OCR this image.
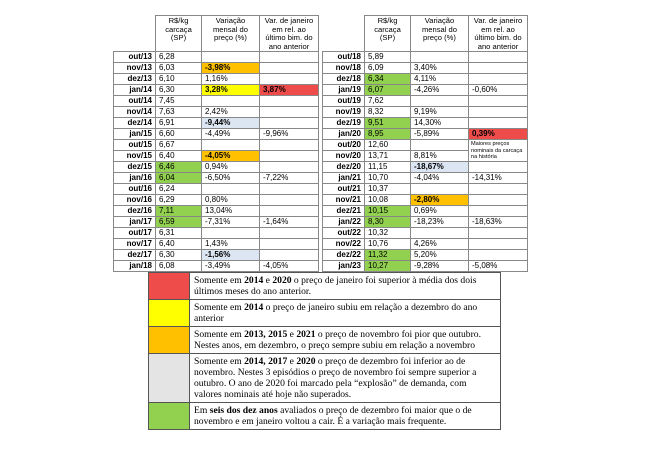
	R$/kg carcaça (SP)	Variação mensal do preço (%)	Var. de janeiro em rel. ao último bim. do ano anterior
out/13	6,28		
nov/13	6,03	-3,98%	
dez/13	6,10	1,16%	
jan/14	6,30	3,28%	3,87%
out/14	7,45		
nov/14	7,63	2,42%	
dez/14	6,91	-9,44%	
jan/15	6,60	-4,49%	-9,96%
out/15	6,67		
nov/15	6,40	-4,05%	
dez/15	6,46	0,94%	
jan/16	6,04	-6,50%	-7,22%
out/16	6,24		
nov/16	6,29	0,80%	
dez/16	7,11	13,04%	
jan/17	6,59	-7,31%	-1,64%
out/17	6,31		
nov/17	6,40	1,43%	
dez/17	6,30	-1,56%	
jan/18	6,08	-3,49%	-4,05%
	R$/kg carcaça (SP)	Variação mensal do preço (%)	Var. de janeiro em rel. ao último bim. do ano anterior
out/18	5,89		
nov/18	6,09	3,40%	
dez/18	6,34	4,11%	
jan/19	6,07	-4,26%	-0,60%
out/19	7,62		
nov/19	8,32	9,19%	
dez/19	9,51	14,30%	
jan/20	8,95	-5,89%	0,39%
out/20	12,60		Maiores preços nominais da carcaça na história
nov/20	13,71	8,81%	
dez/20	11,15	-18,67%	
jan/21	10,70	-4,04%	-14,31%
out/21	10,37		
nov/21	10,08	-2,80%	
dez/21	10,15	0,69%	
jan/22	8,30	-18,23%	-18,63%
out/22	10,32		
nov/22	10,76	4,26%	
dez/22	11,32	5,20%	
jan/23	10,27	-9,28%	-5,08%
	Somente em 2014 e 2020 o preço de janeiro foi superior à média dos dois últimos meses do ano anterior.
	Somente em 2014 o preço de janeiro subiu em relação a dezembro do ano anterior
	Somente em 2013, 2015 e 2021 o preço de novembro foi pior que outubro. Nestes anos, em dezembro, o preço sempre subiu em relação a novembro
	Somente em 2014, 2017 e 2020 o preço de dezembro foi inferior ao de novembro. Nestes 3 episódios o preço de novembro foi sempre superior a outubro. O ano de 2020 foi marcado pela “explosão” de demanda, com valores nominais até hoje não superados.
	Em seis dos dez anos avaliados o preço de dezembro foi maior que o de novembro e em janeiro voltou a cair. É a variação mais frequente.
